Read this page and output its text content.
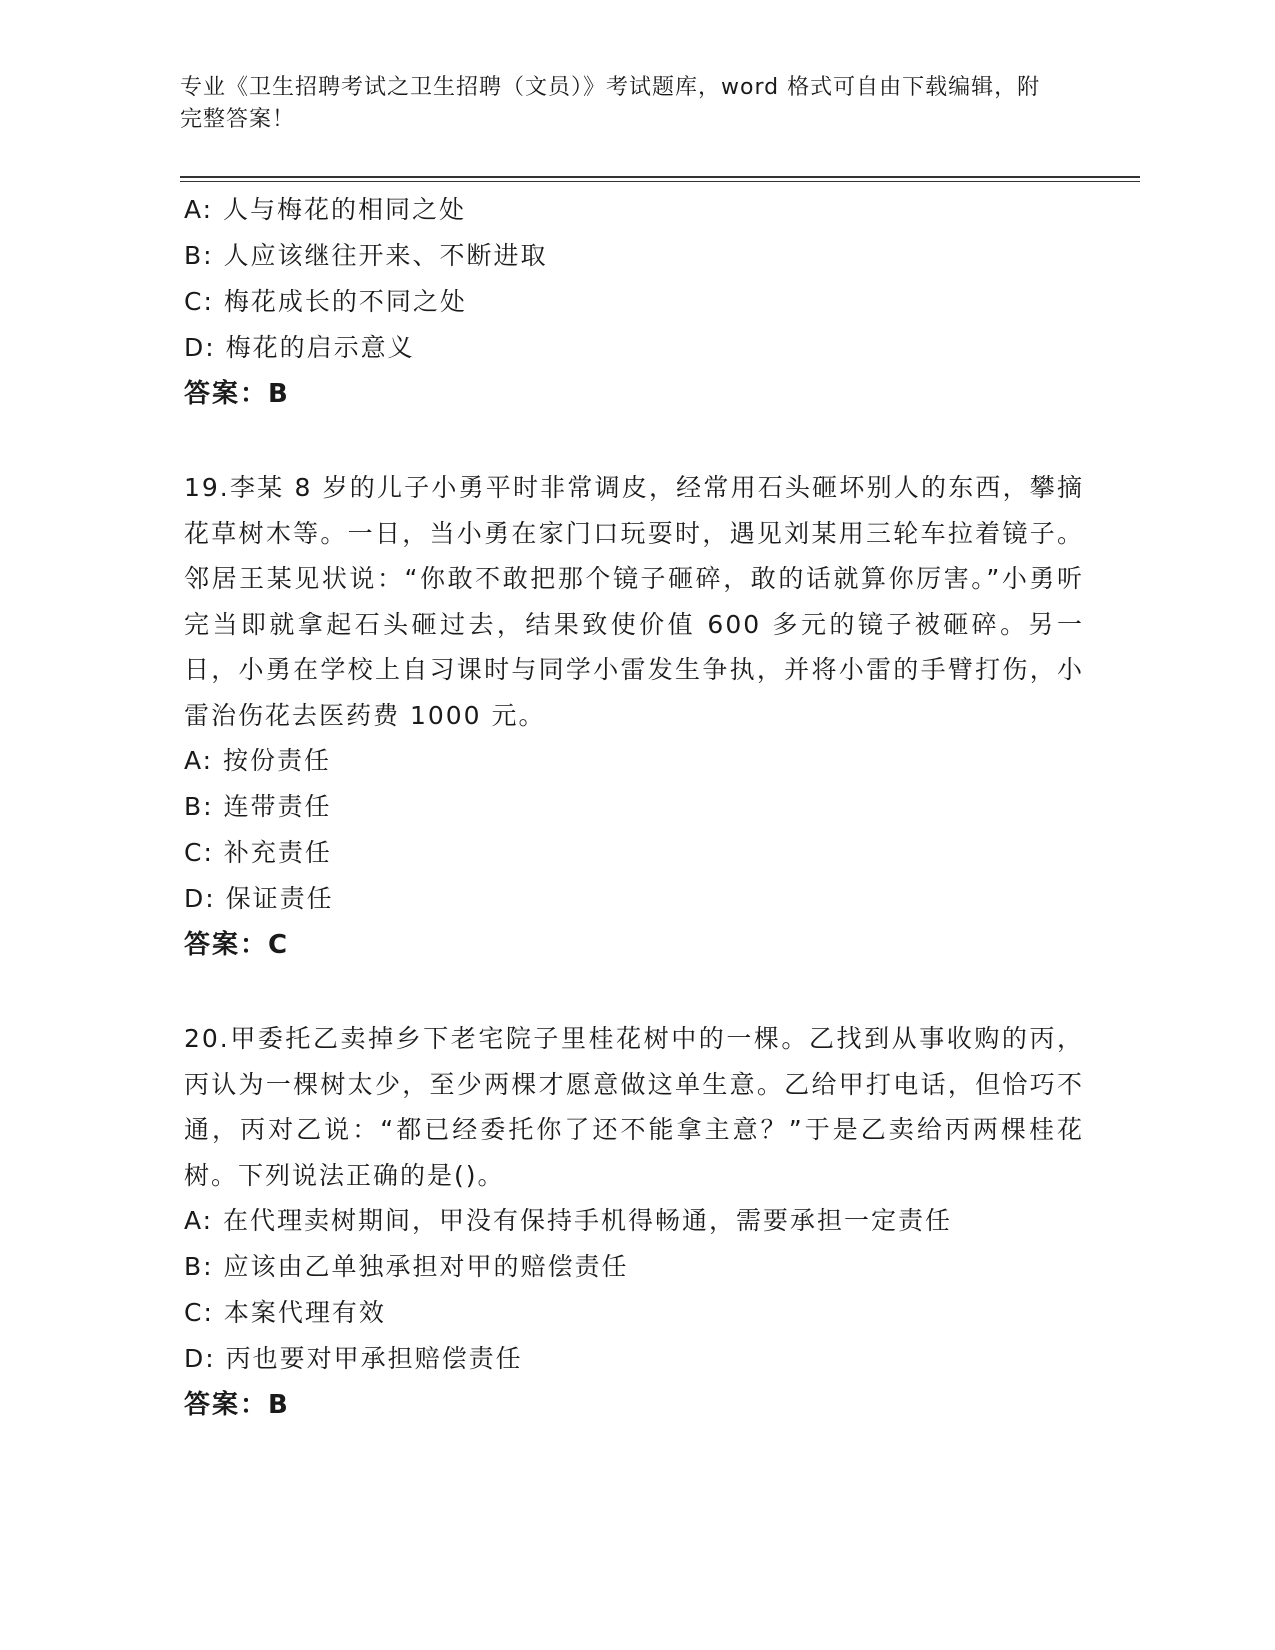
专业《卫生招聘考试之卫生招聘（文员）》考试题库，word 格式可自由下载编辑，附完整答案！
A: 人与梅花的相同之处
B: 人应该继往开来、不断进取
C: 梅花成长的不同之处
D: 梅花的启示意义
答案：B
19.李某 8 岁的儿子小勇平时非常调皮，经常用石头砸坏别人的东西，攀摘花草树木等。一日，当小勇在家门口玩耍时，遇见刘某用三轮车拉着镜子。邻居王某见状说：“你敢不敢把那个镜子砸碎，敢的话就算你厉害。”小勇听完当即就拿起石头砸过去，结果致使价值 600 多元的镜子被砸碎。另一日，小勇在学校上自习课时与同学小雷发生争执，并将小雷的手臂打伤，小雷治伤花去医药费 1000 元。
A: 按份责任
B: 连带责任
C: 补充责任
D: 保证责任
答案：C
20.甲委托乙卖掉乡下老宅院子里桂花树中的一棵。乙找到从事收购的丙，丙认为一棵树太少，至少两棵才愿意做这单生意。乙给甲打电话，但恰巧不通，丙对乙说：“都已经委托你了还不能拿主意？”于是乙卖给丙两棵桂花树。下列说法正确的是()。
A: 在代理卖树期间，甲没有保持手机得畅通，需要承担一定责任
B: 应该由乙单独承担对甲的赔偿责任
C: 本案代理有效
D: 丙也要对甲承担赔偿责任
答案：B
